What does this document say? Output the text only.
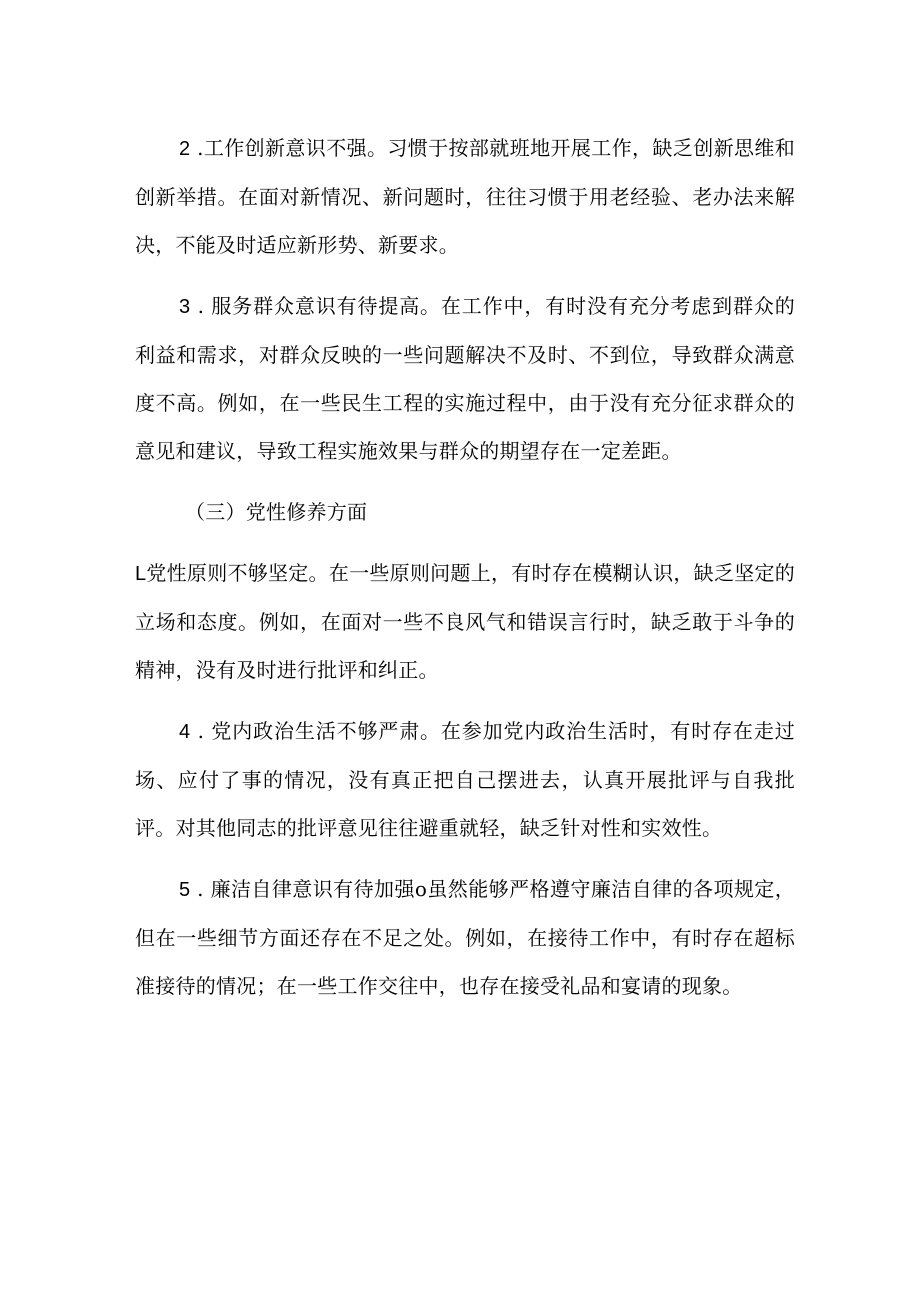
2 .工作创新意识不强。习惯于按部就班地开展工作，缺乏创新思维和创新举措。在面对新情况、新问题时，往往习惯于用老经验、老办法来解决，不能及时适应新形势、新要求。

3 . 服务群众意识有待提高。在工作中，有时没有充分考虑到群众的利益和需求，对群众反映的一些问题解决不及时、不到位，导致群众满意度不高。例如，在一些民生工程的实施过程中，由于没有充分征求群众的意见和建议，导致工程实施效果与群众的期望存在一定差距。

（三）党性修养方面

L党性原则不够坚定。在一些原则问题上，有时存在模糊认识，缺乏坚定的立场和态度。例如，在面对一些不良风气和错误言行时，缺乏敢于斗争的精神，没有及时进行批评和纠正。

4 . 党内政治生活不够严肃。在参加党内政治生活时，有时存在走过场、应付了事的情况，没有真正把自己摆进去，认真开展批评与自我批评。对其他同志的批评意见往往避重就轻，缺乏针对性和实效性。

5 . 廉洁自律意识有待加强o虽然能够严格遵守廉洁自律的各项规定，但在一些细节方面还存在不足之处。例如，在接待工作中，有时存在超标准接待的情况；在一些工作交往中，也存在接受礼品和宴请的现象。
